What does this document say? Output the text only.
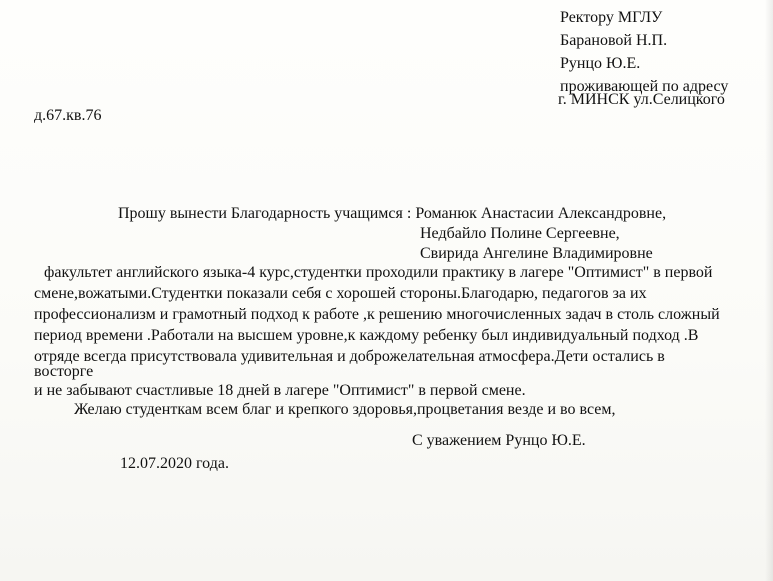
Ректору МГЛУ

Барановой Н.П.

Рунцо Ю.Е.

проживающей по адресу

г. МИНСК ул.Селицкого

д.67.кв.76

Прошу вынести Благодарность учащимся : Романюк Анастасии Александровне,

Недбайло Полине Сергеевне,

Свирида Ангелине Владимировне

факультет английского языка-4 курс,студентки проходили практику в лагере "Оптимист" в первой

смене,вожатыми.Студентки показали себя с хорошей стороны.Благодарю, педагогов за их

профессионализм и грамотный подход к работе ,к решению многочисленных задач в столь сложный

период времени .Работали на высшем уровне,к каждому ребенку был индивидуальный подход .В

отряде всегда присутствовала удивительная и доброжелательная атмосфера.Дети остались в

восторге

и не забывают счастливые 18 дней в лагере "Оптимист" в первой смене.

Желаю студенткам всем благ и крепкого здоровья,процветания везде и во всем,

С уважением Рунцо Ю.Е.

12.07.2020 года.
